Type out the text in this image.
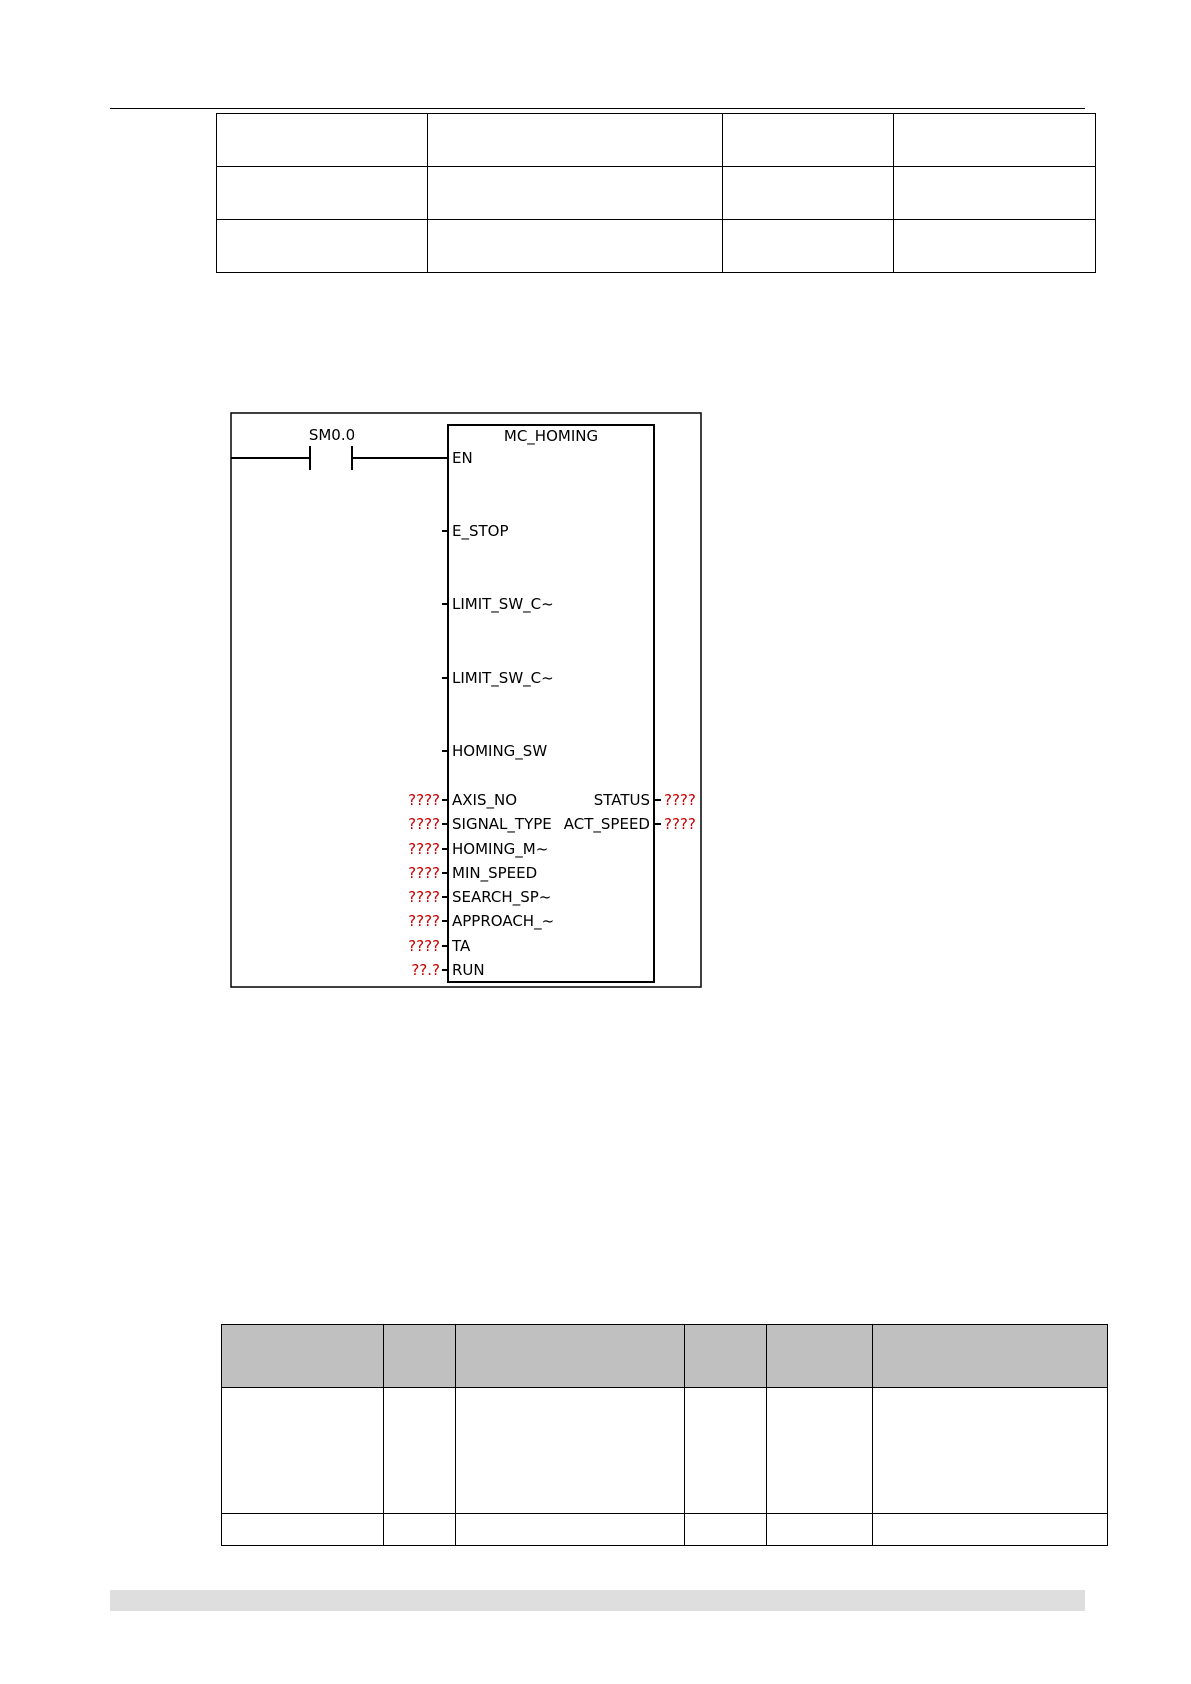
SM0.0	MC_HOMING
EN
E_STOP
LIMIT_SW_C~
LIMIT_SW_C~
HOMING_SW
AXIS_NO
????
SIGNAL_TYPE
????
HOMING_M~
????
MIN_SPEED
????
SEARCH_SP~
????
APPROACH_~
????
TA
????
RUN
??.?
STATUS ????
ACT_SPEED ????
